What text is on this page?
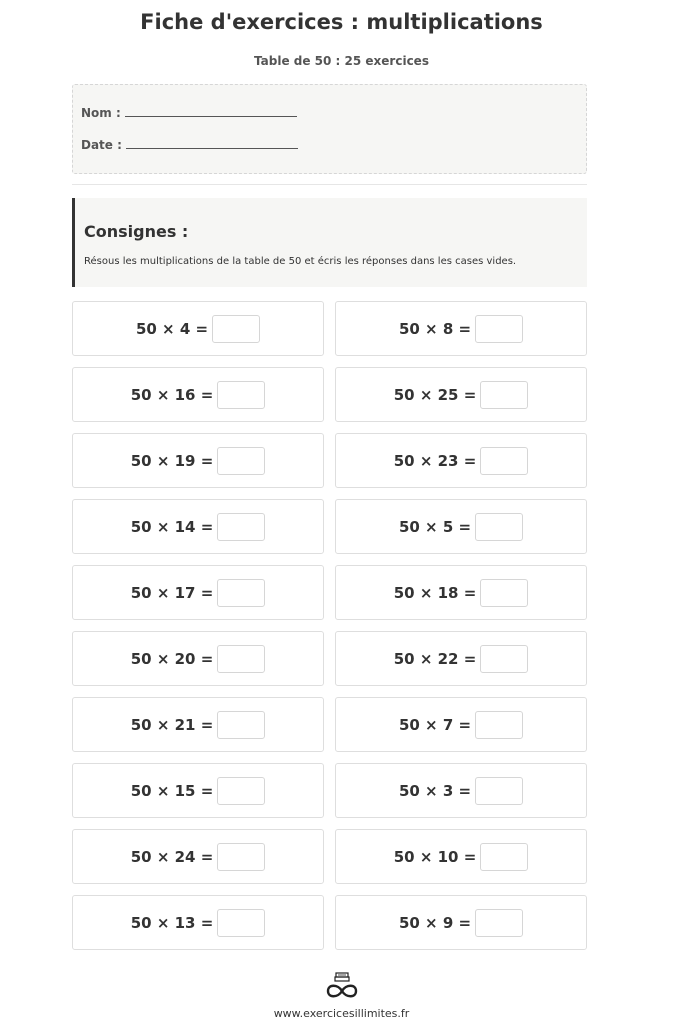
Fiche d'exercices : multiplications
Table de 50 : 25 exercices
Nom :
Date :
Consignes :
Résous les multiplications de la table de 50 et écris les réponses dans les cases vides.
50 × 4 =	50 × 8 =
50 × 16 =	50 × 25 =
50 × 19 =	50 × 23 =
50 × 14 =	50 × 5 =
50 × 17 =	50 × 18 =
50 × 20 =	50 × 22 =
50 × 21 =	50 × 7 =
50 × 15 =	50 × 3 =
50 × 24 =	50 × 10 =
50 × 13 =	50 × 9 =
www.exercicesillimites.fr
